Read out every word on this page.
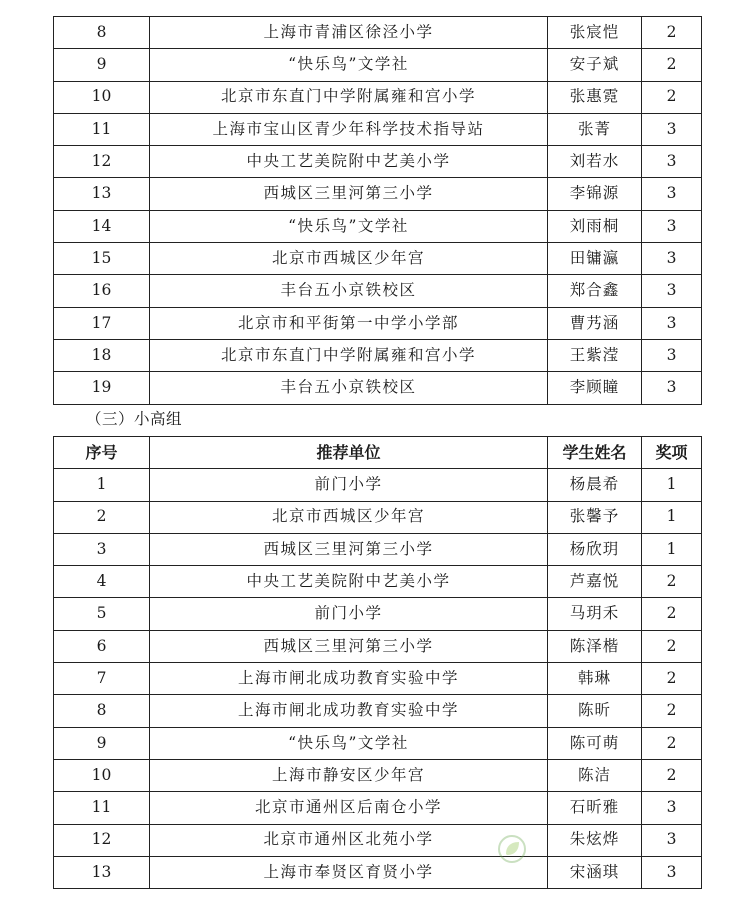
8	上海市青浦区徐泾小学	张宸恺	2
9	“快乐鸟”文学社	安子斌	2
10	北京市东直门中学附属雍和宫小学	张惠霓	2
11	上海市宝山区青少年科学技术指导站	张菁	3
12	中央工艺美院附中艺美小学	刘若水	3
13	西城区三里河第三小学	李锦源	3
14	“快乐鸟”文学社	刘雨桐	3
15	北京市西城区少年宫	田镛瀛	3
16	丰台五小京铁校区	郑合鑫	3
17	北京市和平街第一中学小学部	曹艿涵	3
18	北京市东直门中学附属雍和宫小学	王紫滢	3
19	丰台五小京铁校区	李顾瞳	3

（三）小高组

序号	推荐单位	学生姓名	奖项
1	前门小学	杨晨希	1
2	北京市西城区少年宫	张馨予	1
3	西城区三里河第三小学	杨欣玥	1
4	中央工艺美院附中艺美小学	芦嘉悦	2
5	前门小学	马玥禾	2
6	西城区三里河第三小学	陈泽楷	2
7	上海市闸北成功教育实验中学	韩琳	2
8	上海市闸北成功教育实验中学	陈昕	2
9	“快乐鸟”文学社	陈可萌	2
10	上海市静安区少年宫	陈洁	2
11	北京市通州区后南仓小学	石昕雅	3
12	北京市通州区北苑小学	朱炫烨	3
13	上海市奉贤区育贤小学	宋涵琪	3
